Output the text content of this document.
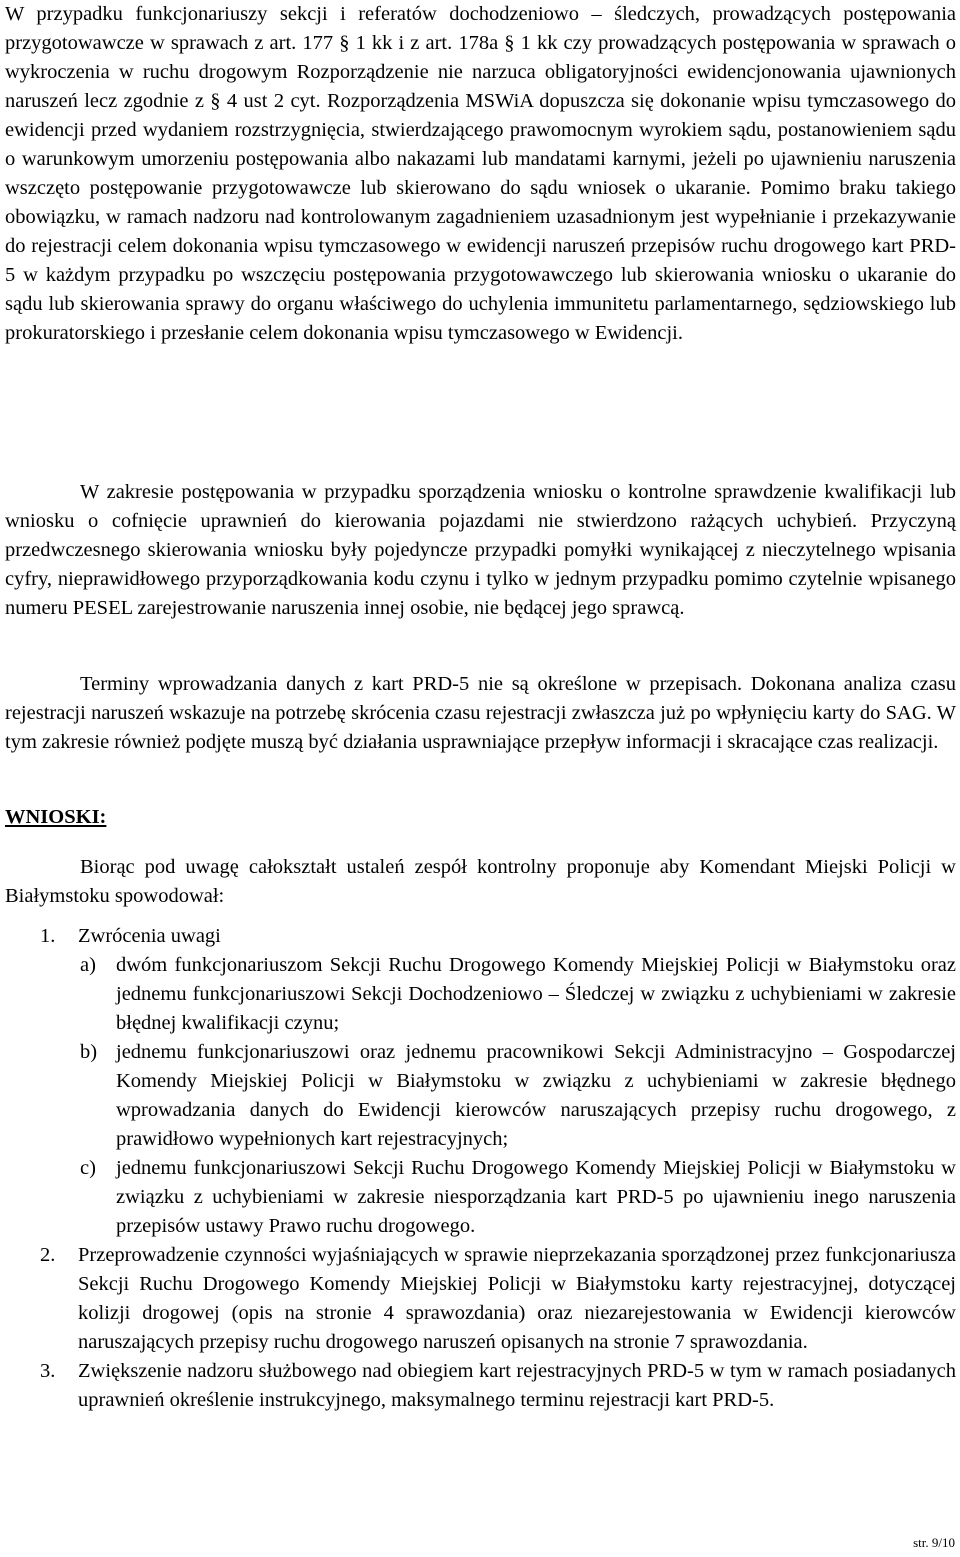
W przypadku funkcjonariuszy sekcji i referatów dochodzeniowo – śledczych, prowadzących postępowania przygotowawcze w sprawach z art. 177 § 1 kk i z art. 178a § 1 kk czy prowadzących postępowania w sprawach o wykroczenia w ruchu drogowym Rozporządzenie nie narzuca obligatoryjności ewidencjonowania ujawnionych naruszeń lecz zgodnie z § 4 ust 2 cyt. Rozporządzenia MSWiA dopuszcza się dokonanie wpisu tymczasowego do ewidencji przed wydaniem rozstrzygnięcia, stwierdzającego prawomocnym wyrokiem sądu, postanowieniem sądu o warunkowym umorzeniu postępowania albo nakazami lub mandatami karnymi, jeżeli po ujawnieniu naruszenia wszczęto postępowanie przygotowawcze lub skierowano do sądu wniosek o ukaranie. Pomimo braku takiego obowiązku, w ramach nadzoru nad kontrolowanym zagadnieniem uzasadnionym jest wypełnianie i przekazywanie do rejestracji celem dokonania wpisu tymczasowego w ewidencji naruszeń przepisów ruchu drogowego kart PRD-5 w każdym przypadku po wszczęciu postępowania przygotowawczego lub skierowania wniosku o ukaranie do sądu lub skierowania sprawy do organu właściwego do uchylenia immunitetu parlamentarnego, sędziowskiego lub prokuratorskiego i przesłanie celem dokonania wpisu tymczasowego w Ewidencji.

W zakresie postępowania w przypadku sporządzenia wniosku o kontrolne sprawdzenie kwalifikacji lub wniosku o cofnięcie uprawnień do kierowania pojazdami nie stwierdzono rażących uchybień. Przyczyną przedwczesnego skierowania wniosku były pojedyncze przypadki pomyłki wynikającej z nieczytelnego wpisania cyfry, nieprawidłowego przyporządkowania kodu czynu i tylko w jednym przypadku pomimo czytelnie wpisanego numeru PESEL zarejestrowanie naruszenia innej osobie, nie będącej jego sprawcą.

Terminy wprowadzania danych z kart PRD-5 nie są określone w przepisach. Dokonana analiza czasu rejestracji naruszeń wskazuje na potrzebę skrócenia czasu rejestracji zwłaszcza już po wpłynięciu karty do SAG. W tym zakresie również podjęte muszą być działania usprawniające przepływ informacji i skracające czas realizacji.

WNIOSKI:

Biorąc pod uwagę całokształt ustaleń zespół kontrolny proponuje aby Komendant Miejski Policji w Białymstoku spowodował:

1. Zwrócenia uwagi
a) dwóm funkcjonariuszom Sekcji Ruchu Drogowego Komendy Miejskiej Policji w Białymstoku oraz jednemu funkcjonariuszowi Sekcji Dochodzeniowo – Śledczej w związku z uchybieniami w zakresie błędnej kwalifikacji czynu;
b) jednemu funkcjonariuszowi oraz jednemu pracownikowi Sekcji Administracyjno – Gospodarczej Komendy Miejskiej Policji w Białymstoku w związku z uchybieniami w zakresie błędnego wprowadzania danych do Ewidencji kierowców naruszających przepisy ruchu drogowego, z prawidłowo wypełnionych kart rejestracyjnych;
c) jednemu funkcjonariuszowi Sekcji Ruchu Drogowego Komendy Miejskiej Policji w Białymstoku w związku z uchybieniami w zakresie niesporządzania kart PRD-5 po ujawnieniu inego naruszenia przepisów ustawy Prawo ruchu drogowego.
2. Przeprowadzenie czynności wyjaśniających w sprawie nieprzekazania sporządzonej przez funkcjonariusza Sekcji Ruchu Drogowego Komendy Miejskiej Policji w Białymstoku karty rejestracyjnej, dotyczącej kolizji drogowej (opis na stronie 4 sprawozdania) oraz niezarejestowania w Ewidencji kierowców naruszających przepisy ruchu drogowego naruszeń opisanych na stronie 7 sprawozdania.
3. Zwiększenie nadzoru służbowego nad obiegiem kart rejestracyjnych PRD-5 w tym w ramach posiadanych uprawnień określenie instrukcyjnego, maksymalnego terminu rejestracji kart PRD-5.
str. 9/10
